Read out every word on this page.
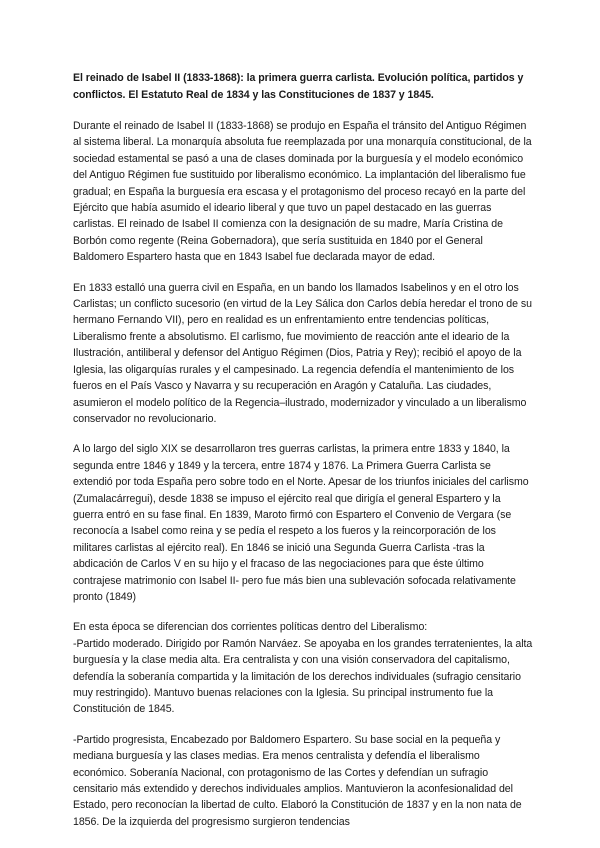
El reinado de Isabel II (1833-1868): la primera guerra carlista. Evolución política, partidos y conflictos. El Estatuto Real de 1834 y las Constituciones de 1837 y 1845.
Durante el reinado de Isabel II (1833-1868) se produjo en España el tránsito del Antiguo Régimen al sistema liberal. La monarquía absoluta fue reemplazada por una monarquía constitucional, de la sociedad estamental se pasó a una de clases dominada por la burguesía y el modelo económico del Antiguo Régimen fue sustituido por liberalismo económico. La implantación del liberalismo fue gradual; en España la burguesía era escasa y el protagonismo del proceso recayó en la parte del Ejército que había asumido el ideario liberal y que tuvo un papel destacado en las guerras carlistas. El reinado de Isabel II comienza con la designación de su madre, María Cristina de Borbón como regente (Reina Gobernadora), que sería sustituida en 1840 por el General Baldomero Espartero hasta que en 1843 Isabel fue declarada mayor de edad.
En 1833 estalló una guerra civil en España, en un bando los llamados Isabelinos y en el otro los Carlistas; un conflicto sucesorio (en virtud de la Ley Sálica don Carlos debía heredar el trono de su hermano Fernando VII), pero en realidad es un enfrentamiento entre tendencias políticas, Liberalismo frente a absolutismo. El carlismo, fue movimiento de reacción ante el ideario de la Ilustración, antiliberal y defensor del Antiguo Régimen (Dios, Patria y Rey); recibió el apoyo de la Iglesia, las oligarquías rurales y el campesinado. La regencia defendía el mantenimiento de los fueros en el País Vasco y Navarra y su recuperación en Aragón y Cataluña. Las ciudades, asumieron el modelo político de la Regencia–ilustrado, modernizador y vinculado a un liberalismo conservador no revolucionario.
A lo largo del siglo XIX se desarrollaron tres guerras carlistas, la primera entre 1833 y 1840, la segunda entre 1846 y 1849 y la tercera, entre 1874 y 1876. La Primera Guerra Carlista se extendió por toda España pero sobre todo en el Norte. Apesar de los triunfos iniciales del carlismo (Zumalacárregui), desde 1838 se impuso el ejército real que dirigía el general Espartero y la guerra entró en su fase final. En 1839, Maroto firmó con Espartero el Convenio de Vergara (se reconocía a Isabel como reina y se pedía el respeto a los fueros y la reincorporación de los militares carlistas al ejército real). En 1846 se inició una Segunda Guerra Carlista -tras la abdicación de Carlos V en su hijo y el fracaso de las negociaciones para que éste último contrajese matrimonio con Isabel II- pero fue más bien una sublevación sofocada relativamente pronto (1849)
En esta época se diferencian dos corrientes políticas dentro del Liberalismo:
-Partido moderado. Dirigido por Ramón Narváez. Se apoyaba en los grandes terratenientes, la alta burguesía y la clase media alta. Era centralista y con una visión conservadora del capitalismo, defendía la soberanía compartida y la limitación de los derechos individuales (sufragio censitario muy restringido). Mantuvo buenas relaciones con la Iglesia. Su principal instrumento fue la Constitución de 1845.
-Partido progresista, Encabezado por Baldomero Espartero. Su base social en la pequeña y mediana burguesía y las clases medias. Era menos centralista y defendía el liberalismo económico. Soberanía Nacional, con protagonismo de las Cortes y defendían un sufragio censitario más extendido y derechos individuales amplios. Mantuvieron la aconfesionalidad del Estado, pero reconocían la libertad de culto. Elaboró la Constitución de 1837 y en la non nata de 1856. De la izquierda del progresismo surgieron tendencias
